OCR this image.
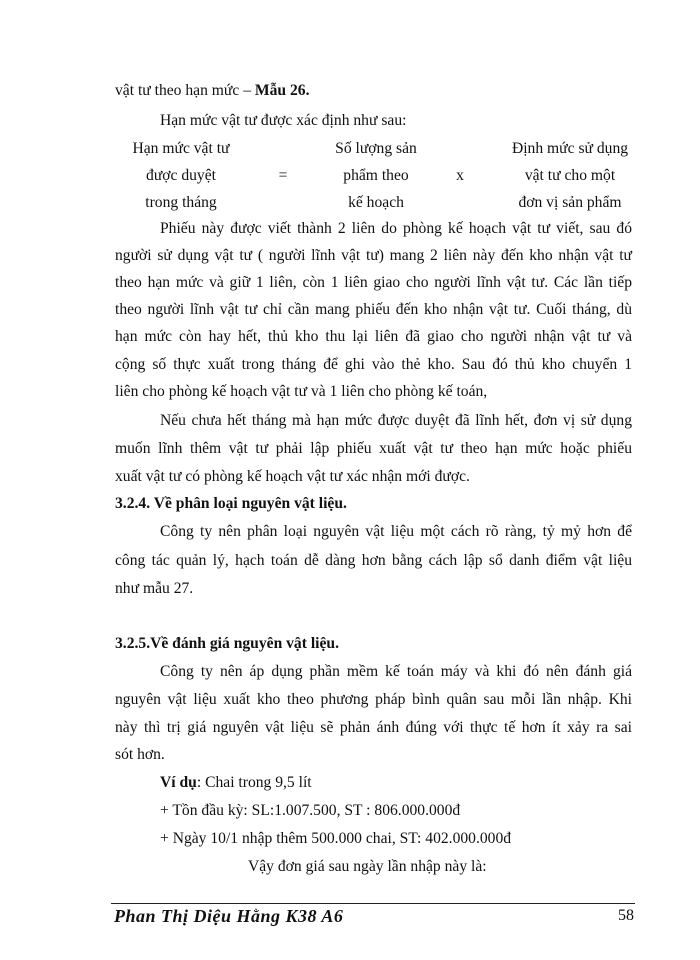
vật tư theo hạn mức – Mẫu 26.
Hạn mức vật tư được xác định như sau:
Hạn mức vật tư
được duyệt
trong tháng
=
Số lượng sản
phẩm theo
kế hoạch
x
Định mức sử dụng
vật tư cho một
đơn vị sản phẩm
Phiếu này được viết thành 2 liên do phòng kế hoạch vật tư viết, sau đó
người sử dụng vật tư ( người lĩnh vật tư) mang 2 liên này đến kho nhận vật tư
theo hạn mức và giữ 1 liên, còn 1 liên giao cho người lĩnh vật tư. Các lần tiếp
theo người lĩnh vật tư chỉ cần mang phiếu đến kho nhận vật tư. Cuối tháng, dù
hạn mức còn hay hết, thủ kho thu lại liên đã giao cho người nhận vật tư và
cộng số thực xuất trong tháng để ghi vào thẻ kho. Sau đó thủ kho chuyển 1
liên cho phòng kế hoạch vật tư và 1 liên cho phòng kế toán,
Nếu chưa hết tháng mà hạn mức được duyệt đã lĩnh hết, đơn vị sử dụng
muốn lĩnh thêm vật tư phải lập phiếu xuất vật tư theo hạn mức hoặc phiếu
xuất vật tư có phòng kế hoạch vật tư xác nhận mới được.
3.2.4. Về phân loại nguyên vật liệu.
Công ty nên phân loại nguyên vật liệu một cách rõ ràng, tỷ mỷ hơn để
công tác quản lý, hạch toán dễ dàng hơn bằng cách lập sổ danh điểm vật liệu
như mẫu 27.
3.2.5.Về đánh giá nguyên vật liệu.
Công ty nên áp dụng phần mềm kế toán máy và khi đó nên đánh giá
nguyên vật liệu xuất kho theo phương pháp bình quân sau mỗi lần nhập. Khi
này thì trị giá nguyên vật liệu sẽ phản ánh đúng với thực tế hơn ít xảy ra sai
sót hơn.
Ví dụ: Chai trong 9,5 lít
+ Tồn đầu kỳ: SL:1.007.500, ST : 806.000.000đ
+ Ngày 10/1 nhập thêm 500.000 chai, ST: 402.000.000đ
Vậy đơn giá sau ngày lần nhập này là:
Phan Thị Diệu Hằng K38 A6	58
